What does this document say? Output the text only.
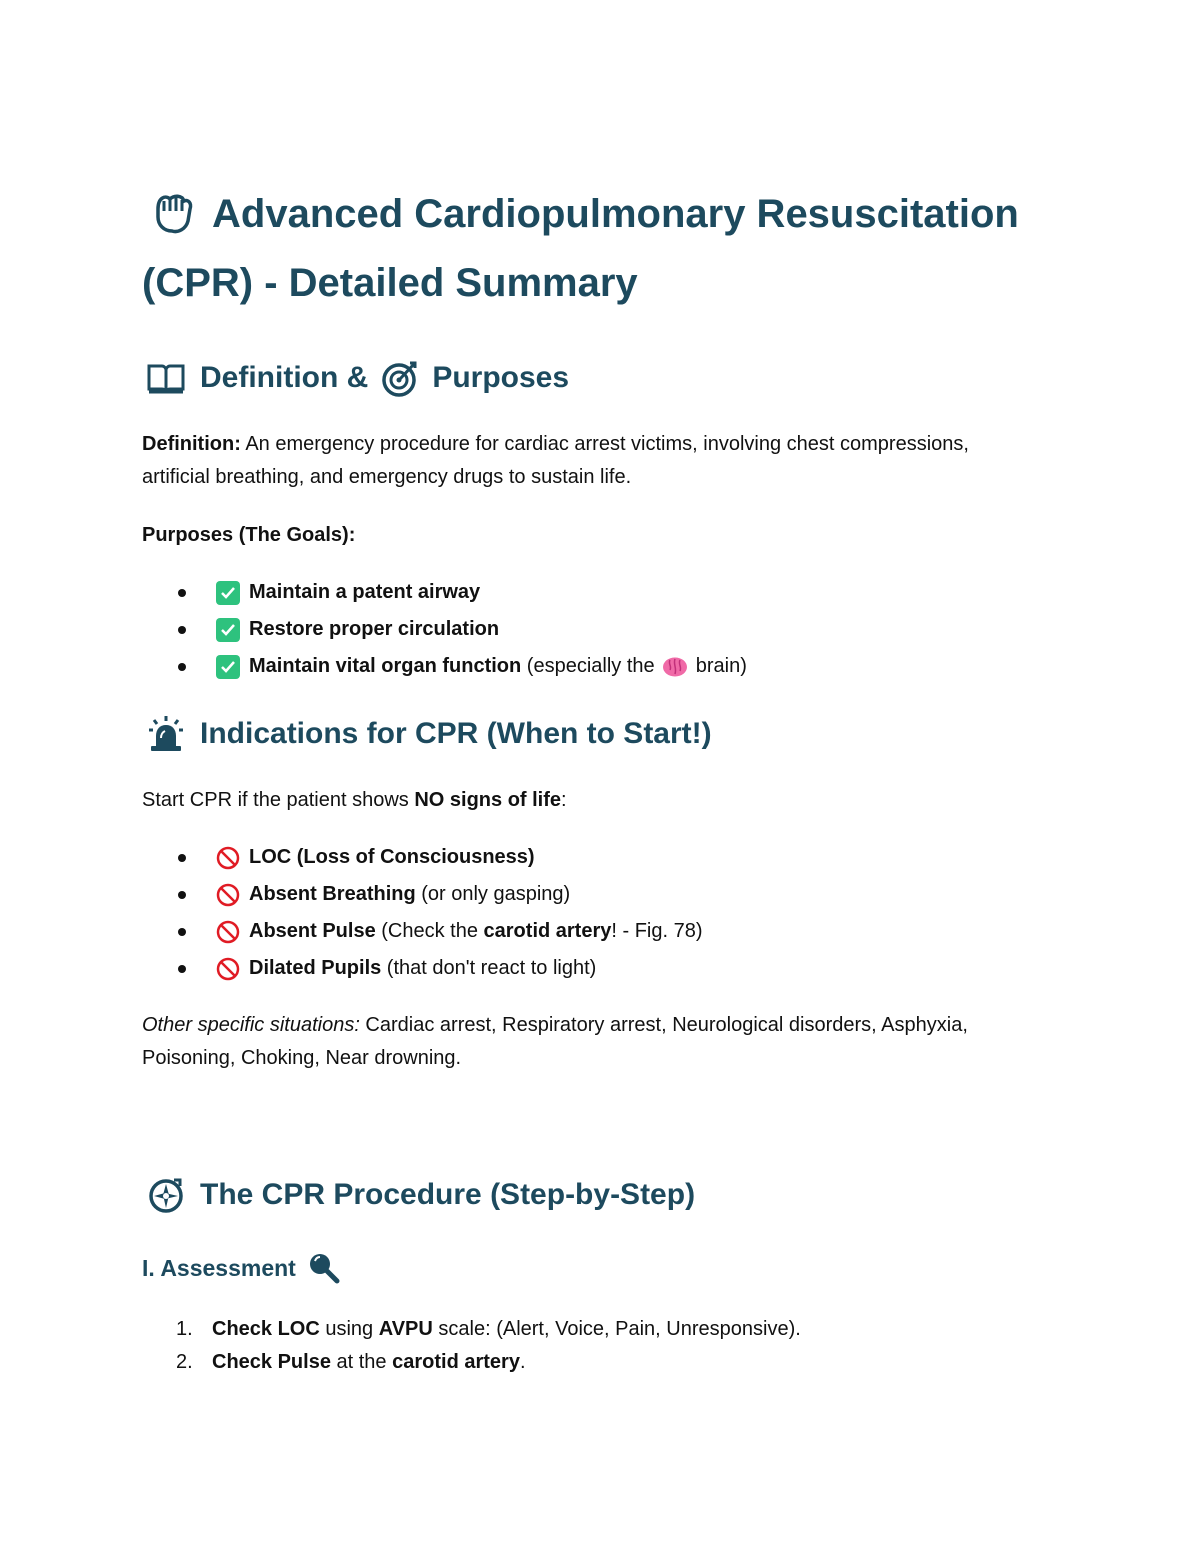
Advanced Cardiopulmonary Resuscitation (CPR) - Detailed Summary
Definition & Purposes

Definition: An emergency procedure for cardiac arrest victims, involving chest compressions, artificial breathing, and emergency drugs to sustain life.

Purposes (The Goals):

Maintain a patent airway
Restore proper circulation
Maintain vital organ function (especially the brain)
Indications for CPR (When to Start!)

Start CPR if the patient shows NO signs of life:

LOC (Loss of Consciousness)
Absent Breathing (or only gasping)
Absent Pulse (Check the carotid artery ! - Fig. 78)
Dilated Pupils (that don't react to light)

Other specific situations: Cardiac arrest, Respiratory arrest, Neurological disorders, Asphyxia, Poisoning, Choking, Near drowning.

The CPR Procedure (Step-by-Step)
I. Assessment
1. Check LOC using AVPU scale: (Alert, Voice, Pain, Unresponsive).
2. Check Pulse at the carotid artery .
